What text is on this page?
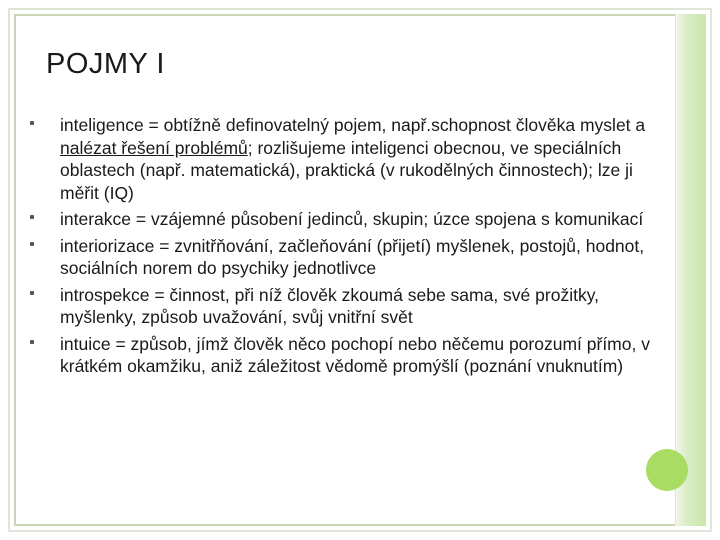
POJMY I
inteligence = obtížně definovatelný pojem, např.schopnost člověka myslet a nalézat řešení problémů; rozlišujeme inteligenci obecnou, ve speciálních oblastech (např. matematická), praktická (v rukodělných činnostech); lze ji měřit (IQ)
interakce = vzájemné působení jedinců, skupin; úzce spojena s komunikací
interiorizace = zvnitřňování, začleňování (přijetí) myšlenek, postojů, hodnot, sociálních norem do psychiky jednotlivce
introspekce = činnost, při níž člověk zkoumá sebe sama, své prožitky, myšlenky, způsob uvažování, svůj vnitřní svět
intuice = způsob, jímž člověk něco pochopí nebo něčemu porozumí přímo, v krátkém okamžiku, aniž záležitost vědomě promýšlí (poznání vnuknutím)
